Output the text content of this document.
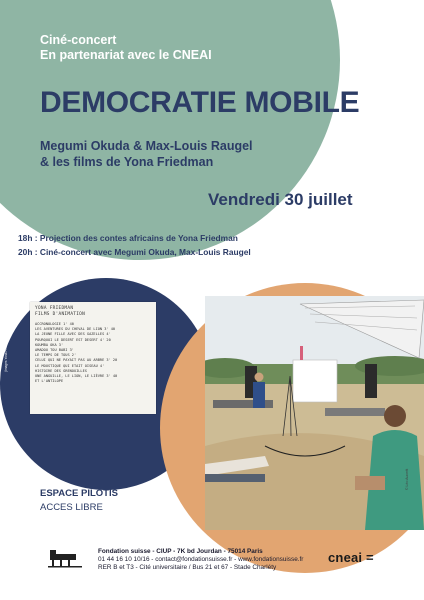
Ciné-concert
En partenariat avec le CNEAI
DEMOCRATIE MOBILE
Megumi Okuda & Max-Louis Raugel
& les films de Yona Friedman
Vendredi 30 juillet
18h : Projection des contes africains de Yona Friedman
20h : Ciné-concert avec Megumi Okuda, Max-Louis Raugel
YONA FRIEDMAN
FILMS D'ANIMATION
ACCRONOLOGIE 1' 40
LES AVENTURES DU CHEVAL DE LION 3' 40
LA JEUNE FILLE AVEC DES GAZELLES 4'
POURQUOI LE DESERT EST DESERT 4' 20
KOUMBA OKA 3'
AMADOU TOU BABI 3'
LE TEMPS DE TOUS 2'
CELUI QUI NE PAYAIT PAS AU ARBRE 3' 20
LE MOUSTIQUE QUI ETAIT OISEAU 4'
HISTOIRE DES GRENOUILLES
UNE ANGUILLE, LE LION, LE LIÈVRE 3' 40
ET L'ANTILOPE
(Images Yona Friedman)
ESPACE PILOTIS
ACCES LIBRE
© Léo Aucertt
Fondation suisse - CIUP - 7K bd Jourdan - 75014 Paris
01 44 16 10 10/16 - contact@fondationsuisse.fr - www.fondationsuisse.fr
RER B et T3 - Cité universitaire / Bus 21 et 67 - Stade Charléty
cneai =
